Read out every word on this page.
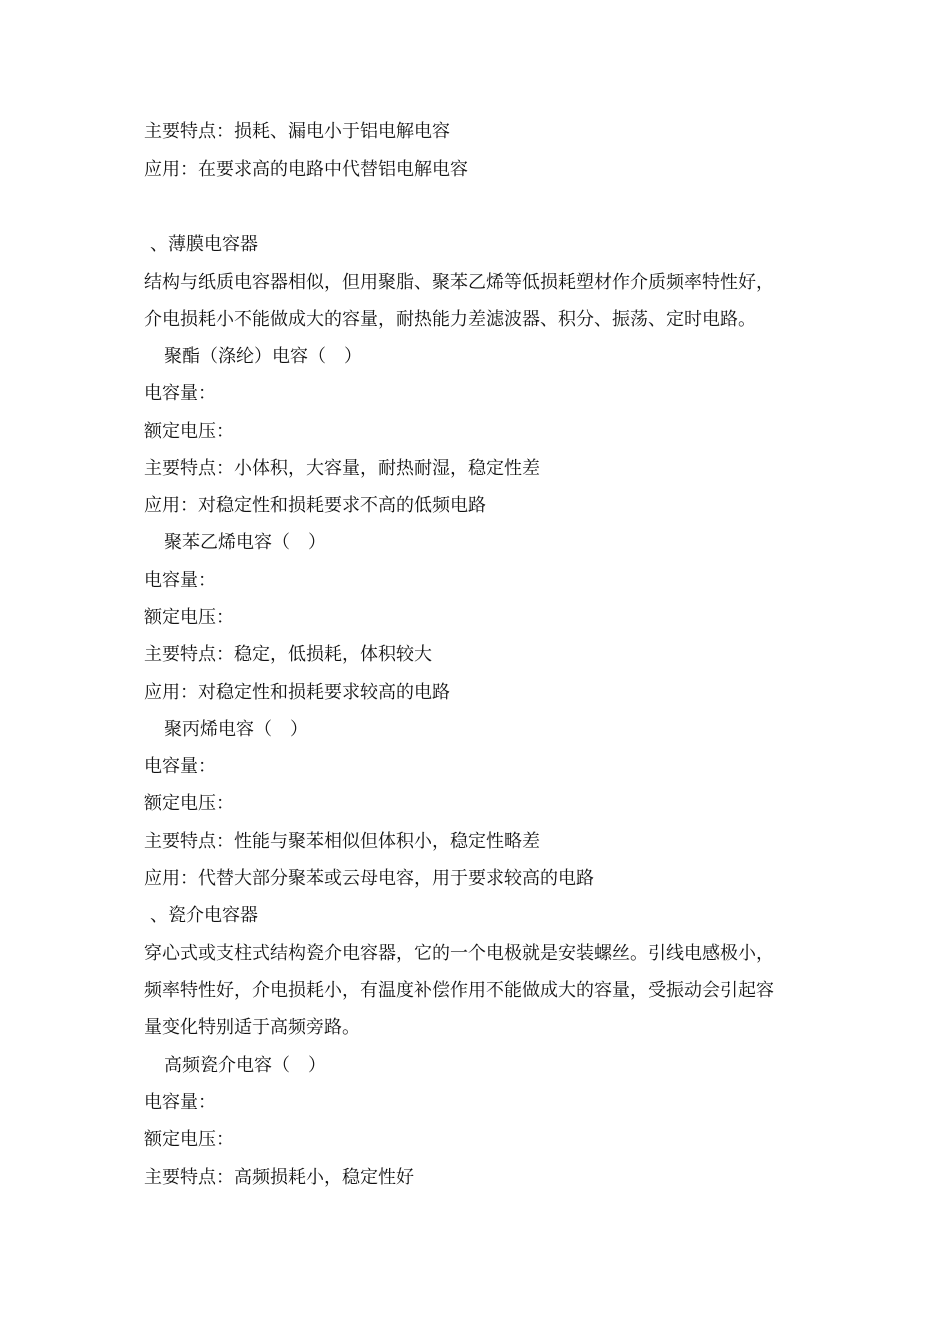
主要特点：损耗、漏电小于铝电解电容
应用：在要求高的电路中代替铝电解电容
、薄膜电容器
结构与纸质电容器相似，但用聚脂、聚苯乙烯等低损耗塑材作介质频率特性好，
介电损耗小不能做成大的容量，耐热能力差滤波器、积分、振荡、定时电路。
聚酯（涤纶）电容（　）
电容量：
额定电压：
主要特点：小体积，大容量，耐热耐湿，稳定性差
应用：对稳定性和损耗要求不高的低频电路
聚苯乙烯电容（　）
电容量：
额定电压：
主要特点：稳定，低损耗，体积较大
应用：对稳定性和损耗要求较高的电路
聚丙烯电容（　）
电容量：
额定电压：
主要特点：性能与聚苯相似但体积小，稳定性略差
应用：代替大部分聚苯或云母电容，用于要求较高的电路
、瓷介电容器
穿心式或支柱式结构瓷介电容器，它的一个电极就是安装螺丝。引线电感极小，
频率特性好，介电损耗小，有温度补偿作用不能做成大的容量，受振动会引起容
量变化特别适于高频旁路。
高频瓷介电容（　）
电容量：
额定电压：
主要特点：高频损耗小，稳定性好
